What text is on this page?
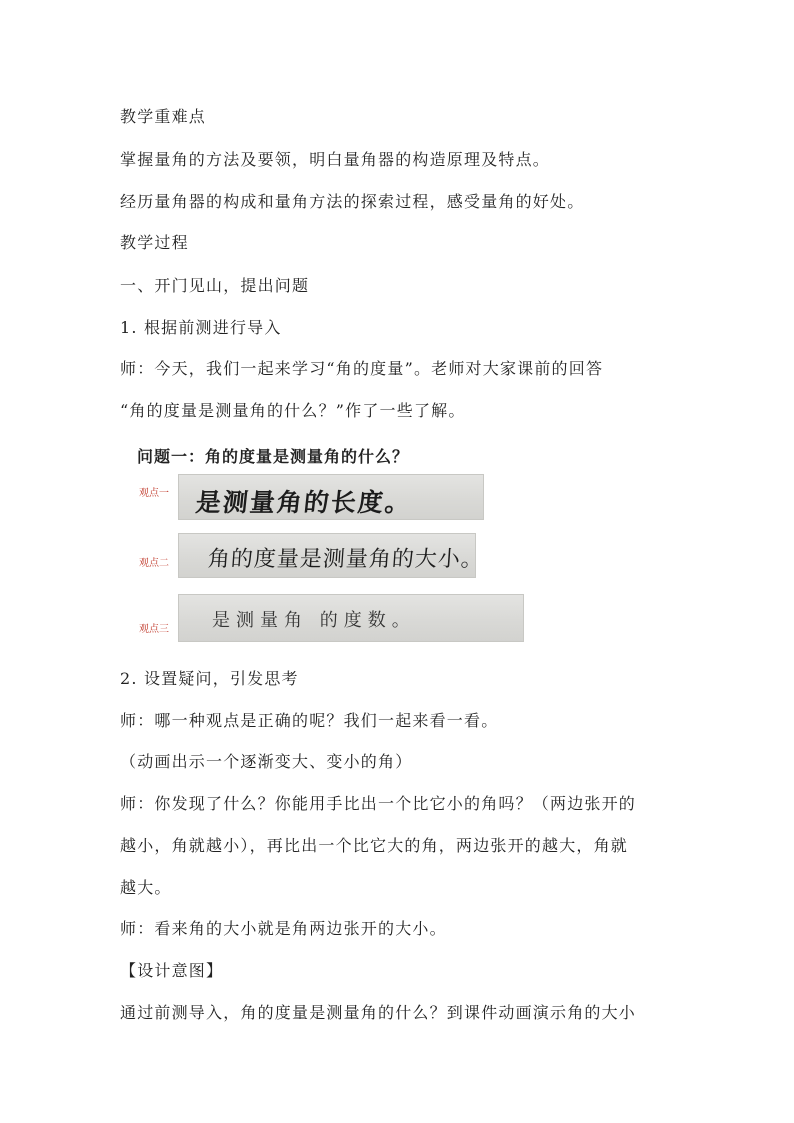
教学重难点
掌握量角的方法及要领，明白量角器的构造原理及特点。
经历量角器的构成和量角方法的探索过程，感受量角的好处。
教学过程
一、开门见山，提出问题
1. 根据前测进行导入
师：今天，我们一起来学习“角的度量”。老师对大家课前的回答
“角的度量是测量角的什么？”作了一些了解。
问题一：角的度量是测量角的什么？
观点一 是测量角的长度。
观点二 角的度量是测量角的大小。
观点三 是测量角 的度数。
2. 设置疑问，引发思考
师：哪一种观点是正确的呢？我们一起来看一看。
（动画出示一个逐渐变大、变小的角）
师：你发现了什么？你能用手比出一个比它小的角吗？（两边张开的
越小，角就越小），再比出一个比它大的角，两边张开的越大，角就
越大。
师：看来角的大小就是角两边张开的大小。
【设计意图】
通过前测导入，角的度量是测量角的什么？到课件动画演示角的大小
